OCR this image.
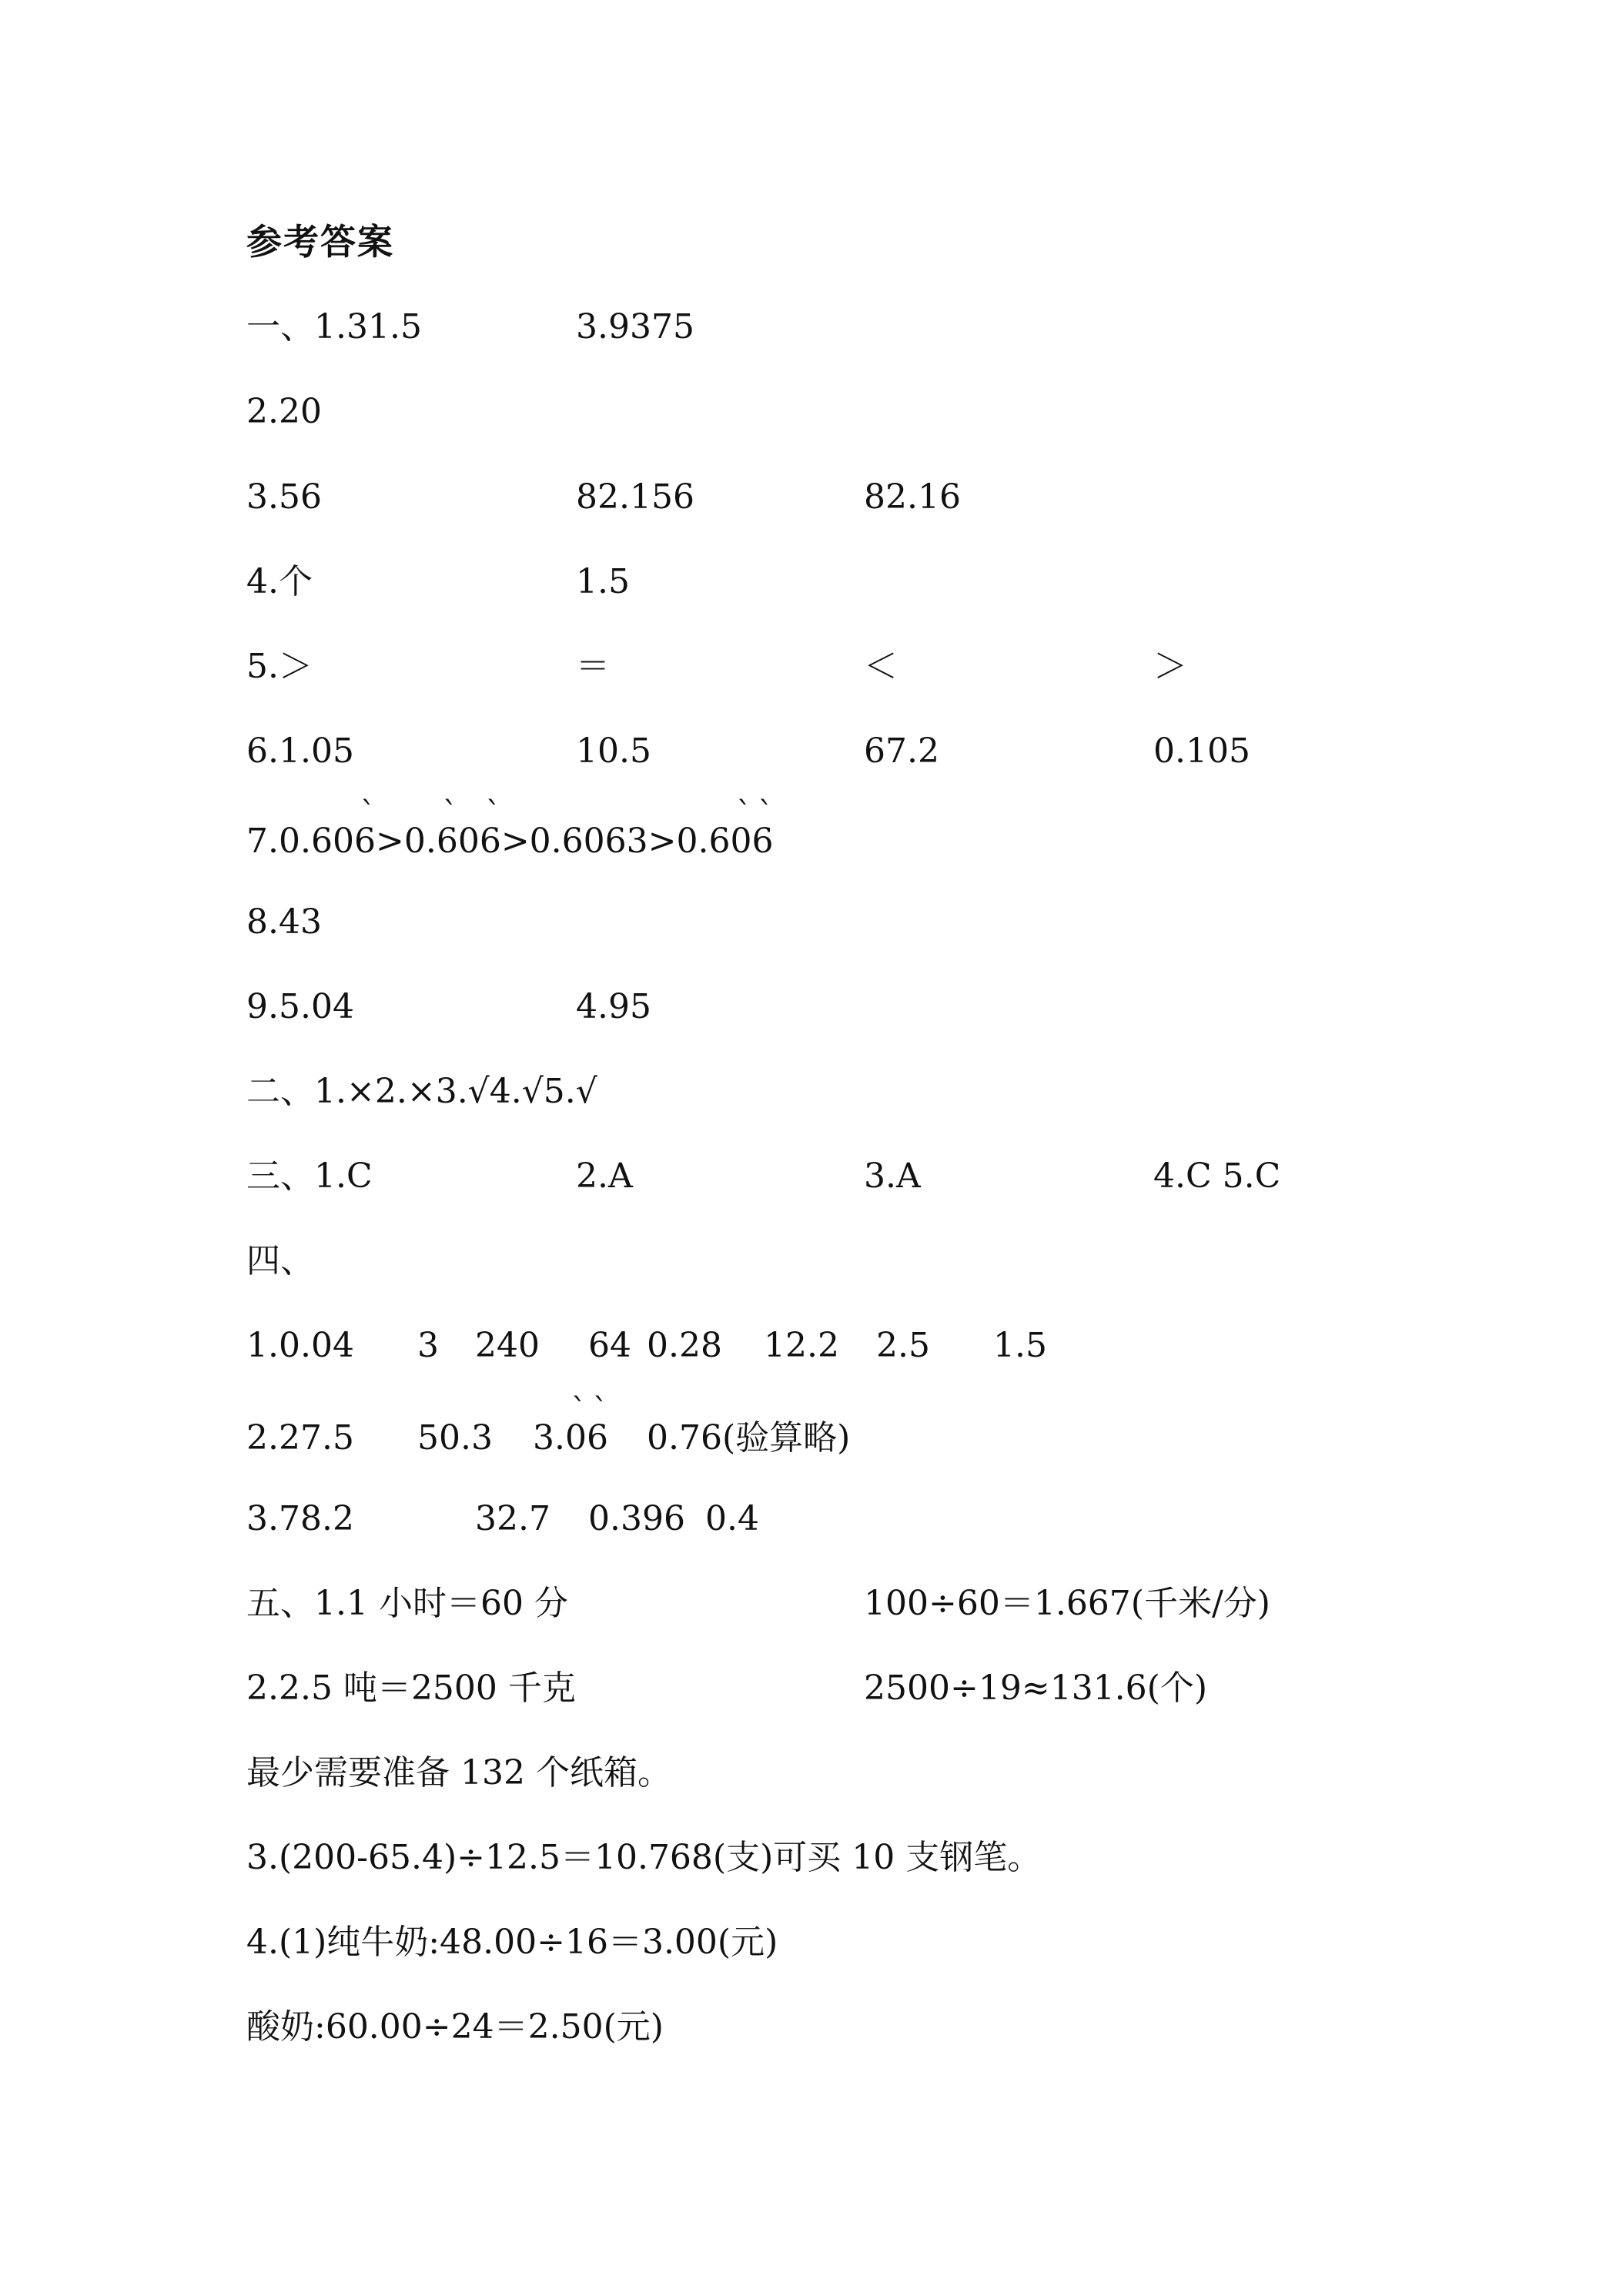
参考答案
一、1.31.5	3.9375
2.20
3.56	82.156	82.16
4.个	1.5
5.＞	＝	＜	＞
6.1.05	10.5	67.2	0.105
7.0.60` 6>0.` 60` 6>0.6063>0.6` 0` 6
8.43
9.5.04	4.95
二、1.×2.×3.√4.√5.√
三、1.C	2.A	3.A	4.C 5.C
四、
1.0.04 3 240 64 0.28 12.2 2.5 1.5
2.27.5 50.3 3.` 0` 6 0.76(验算略)
3.78.2	32.7 0.396 0.4
五、1.1 小时＝60 分	100÷60＝1.667(千米/分)
2.2.5 吨＝2500 千克	2500÷19≈131.6(个)
最少需要准备 132 个纸箱。
3.(200-65.4)÷12.5＝10.768(支)可买 10 支钢笔。
4.(1)纯牛奶:48.00÷16＝3.00(元)
酸奶:60.00÷24＝2.50(元)
